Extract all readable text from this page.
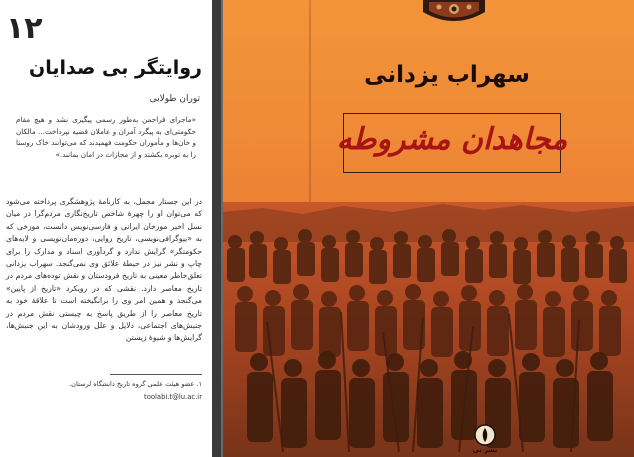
۱۲
روایتگر بی صدایان
توران طولابی
«ماجرای قراجمن به‌طور رسمی پیگیری نشد و هیچ مقام حکومتی‌ای به پیگرد آمران و عاملان قضیه نپرداخت... مالکان و خان‌ها و مأموران حکومت فهمیدند که می‌توانند خاک روستا را به توبره بکشند و از مجازات در امان بمانند.»
در این جستار مجمل، به کارنامهٔ پژوهشگری پرداخته می‌شود که می‌توان او را چهرهٔ شاخص تاریخ‌نگاری مردم‌گرا در میان نسل اخیر مورخان ایرانی و فارسی‌نویس دانست، مورخی که به «بیوگرافی‌نویسی، تاریخ روایی، دوره‌مان‌نویسی و لایه‌های حکومتگر» گرایش ندارد و گردآوری اسناد و مدارک را برای چاپ و نشر نیز در حیطهٔ علائق وی نمی‌گنجد. سهراب یزدانی تعلق‌خاطر معینی به تاریخ فرودستان و نقش توده‌های مردم در تاریخ معاصر دارد. نقشی که در رویکرد «تاریخ از پایین» می‌گنجد و همین امر وی را برانگیخته است تا علاقهٔ خود به تاریخ معاصر را از طریق پاسخ به چیستی نقش مردم در جنبش‌های اجتماعی، دلایل و علل ورودشان به این جنبش‌ها، گرایش‌ها و شیوهٔ زیستن
۱. عضو هیئت علمی گروه تاریخ دانشگاه لرستان.
toolabi.t@lu.ac.ir
سهراب یزدانی
مجاهدان مشروطه
نشر نی
